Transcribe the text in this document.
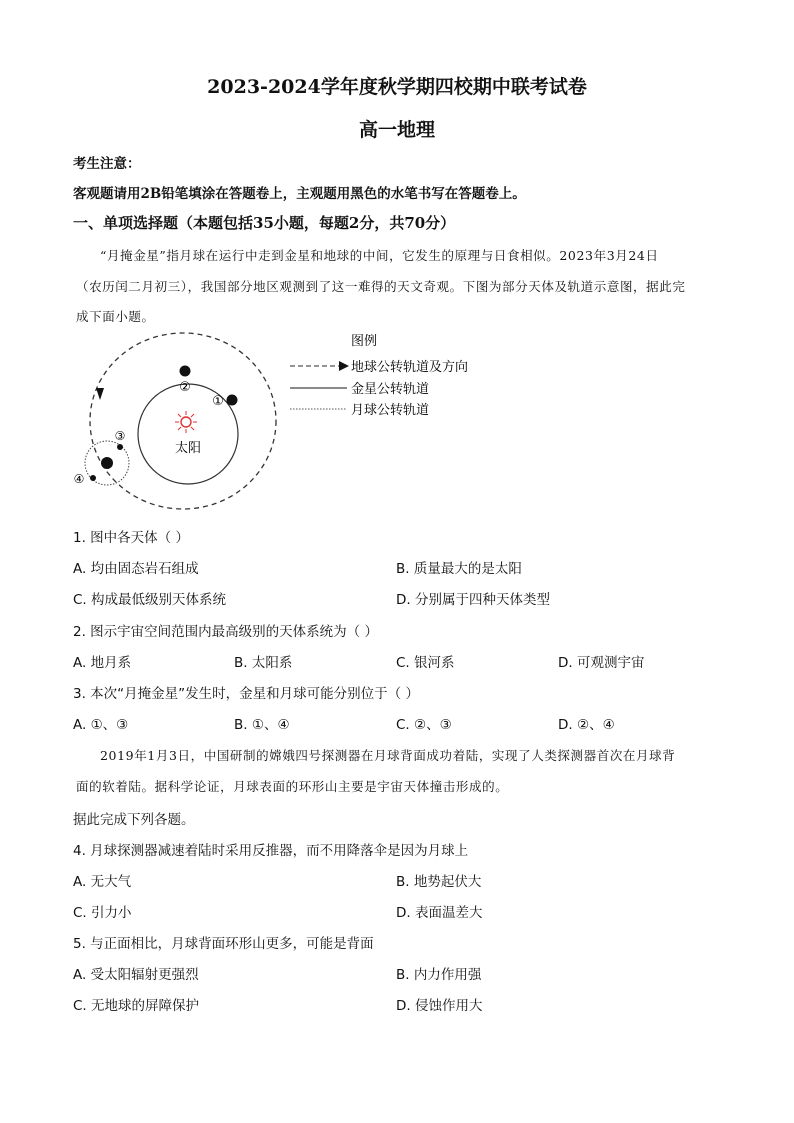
2023-2024学年度秋学期四校期中联考试卷
高一地理
考生注意：
客观题请用2B铅笔填涂在答题卷上，主观题用黑色的水笔书写在答题卷上。
一、单项选择题（本题包括35小题，每题2分，共70分）
“月掩金星”指月球在运行中走到金星和地球的中间，它发生的原理与日食相似。2023年3月24日
（农历闰二月初三），我国部分地区观测到了这一难得的天文奇观。下图为部分天体及轨道示意图，据此完
成下面小题。
太阳
②
①
③
④
图例
地球公转轨道及方向
金星公转轨道
月球公转轨道
1. 图中各天体（ ）
A. 均由固态岩石组成	B. 质量最大的是太阳
C. 构成最低级别天体系统	D. 分别属于四种天体类型
2. 图示宇宙空间范围内最高级别的天体系统为（ ）
A. 地月系	B. 太阳系	C. 银河系	D. 可观测宇宙
3. 本次“月掩金星”发生时，金星和月球可能分别位于（ ）
A. ①、③	B. ①、④	C. ②、③	D. ②、④
2019年1月3日，中国研制的嫦娥四号探测器在月球背面成功着陆，实现了人类探测器首次在月球背
面的软着陆。据科学论证，月球表面的环形山主要是宇宙天体撞击形成的。
据此完成下列各题。
4. 月球探测器减速着陆时采用反推器，而不用降落伞是因为月球上
A. 无大气	B. 地势起伏大
C. 引力小	D. 表面温差大
5. 与正面相比，月球背面环形山更多，可能是背面
A. 受太阳辐射更强烈	B. 内力作用强
C. 无地球的屏障保护	D. 侵蚀作用大
